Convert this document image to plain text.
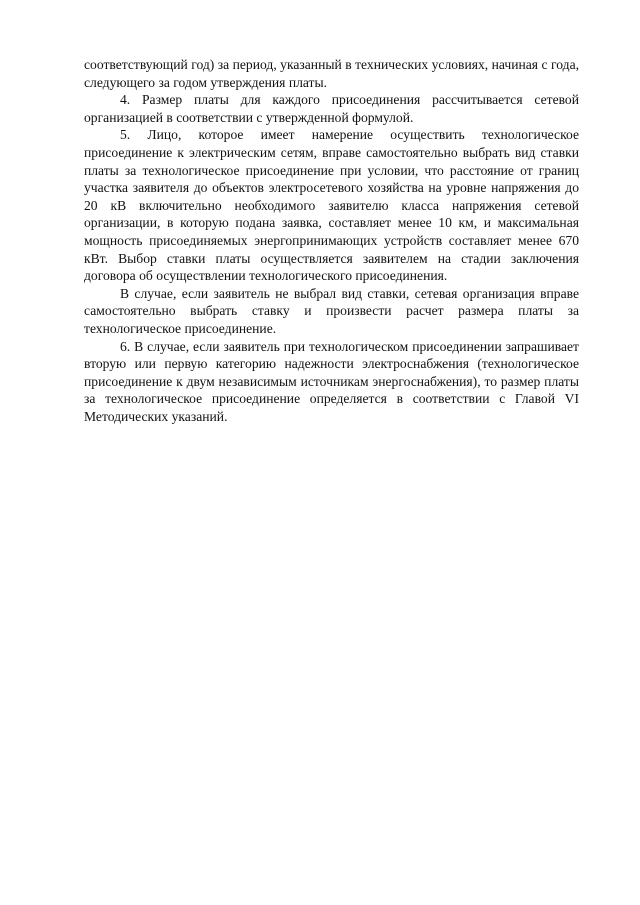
соответствующий год) за период, указанный в технических условиях, начиная с года, следующего за годом утверждения платы.

4. Размер платы для каждого присоединения рассчитывается сетевой организацией в соответствии с утвержденной формулой.

5. Лицо, которое имеет намерение осуществить технологическое присоединение к электрическим сетям, вправе самостоятельно выбрать вид ставки платы за технологическое присоединение при условии, что расстояние от границ участка заявителя до объектов электросетевого хозяйства на уровне напряжения до 20 кВ включительно необходимого заявителю класса напряжения сетевой организации, в которую подана заявка, составляет менее 10 км, и максимальная мощность присоединяемых энергопринимающих устройств составляет менее 670 кВт. Выбор ставки платы осуществляется заявителем на стадии заключения договора об осуществлении технологического присоединения.

В случае, если заявитель не выбрал вид ставки, сетевая организация вправе самостоятельно выбрать ставку и произвести расчет размера платы за технологическое присоединение.

6. В случае, если заявитель при технологическом присоединении запрашивает вторую или первую категорию надежности электроснабжения (технологическое присоединение к двум независимым источникам энергоснабжения), то размер платы за технологическое присоединение определяется в соответствии с Главой VI Методических указаний.
